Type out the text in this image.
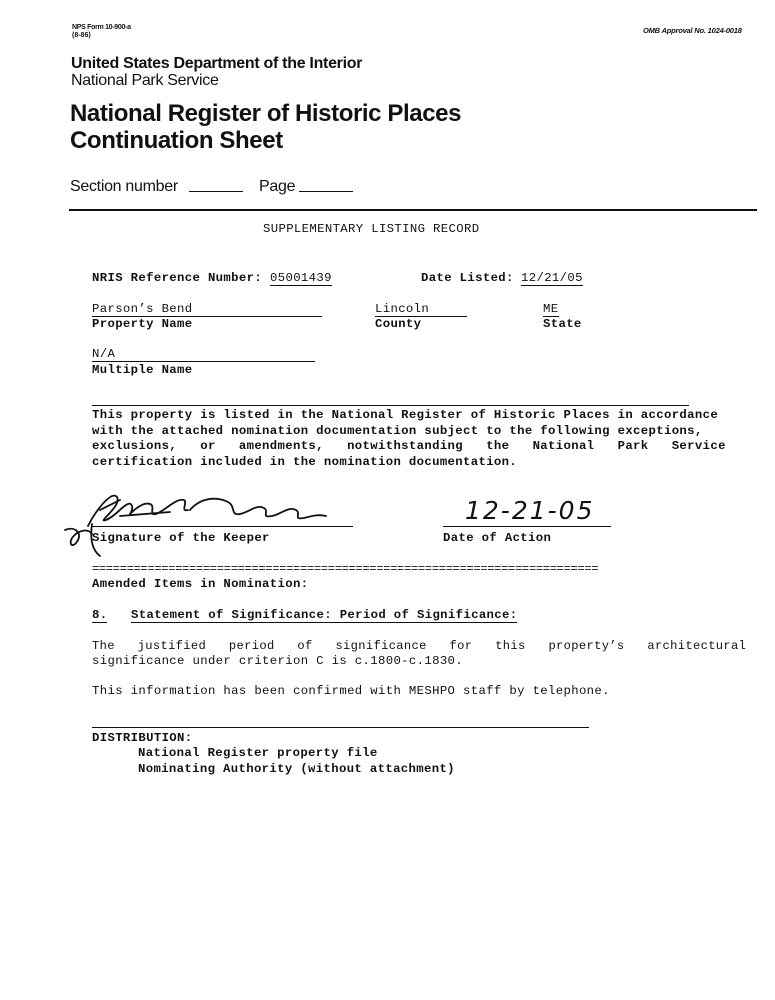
NPS Form 10-900-a
(8-86)
OMB Approval No. 1024-0018
United States Department of the Interior
National Park Service
National Register of Historic Places
Continuation Sheet
Section number	Page
SUPPLEMENTARY LISTING RECORD
NRIS Reference Number: 05001439	Date Listed: 12/21/05
Parson’s Bend
Property Name
Lincoln
County
ME
State
N/A
Multiple Name
This property is listed in the National Register of Historic Places in accordance
with the attached nomination documentation subject to the following exceptions,
exclusions,   or   amendments,   notwithstanding   the   National   Park   Service
certification included in the nomination documentation.
Signature of the Keeper
12-21-05
Date of Action
=========================================================================
Amended Items in Nomination:
8. Statement of Significance: Period of Significance:
The   justified   period   of   significance   for   this   property’s   architectural
significance under criterion C is c.1800-c.1830.
This information has been confirmed with MESHPO staff by telephone.
DISTRIBUTION:
National Register property file
Nominating Authority (without attachment)
